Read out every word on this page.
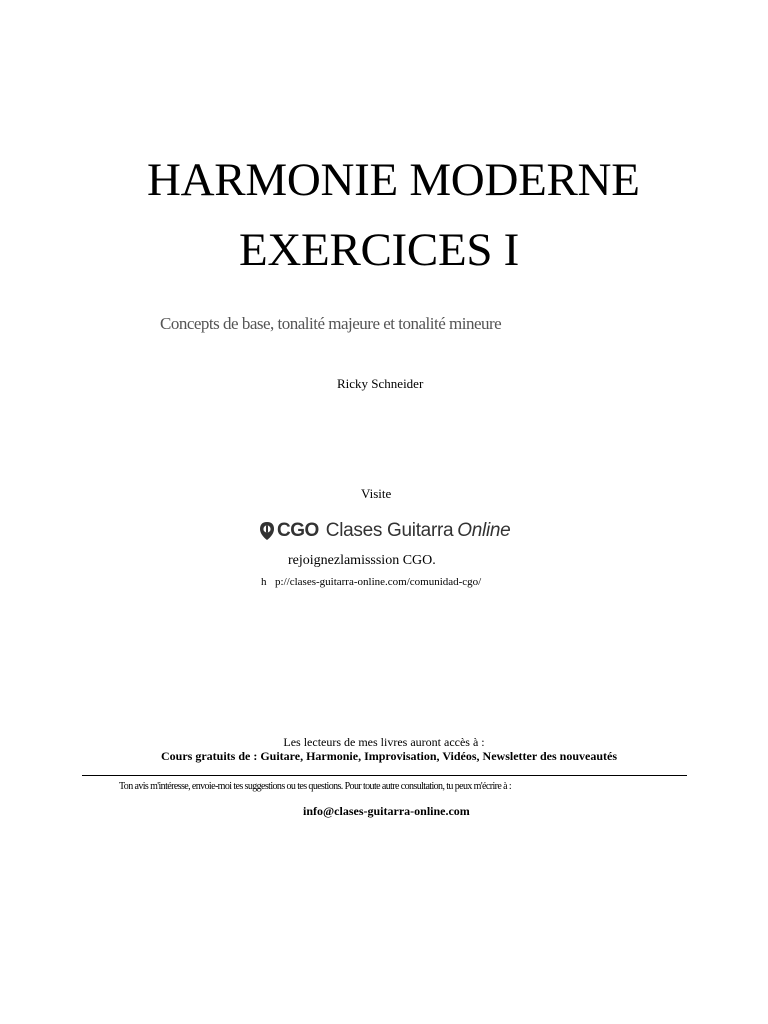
HARMONIE MODERNE
EXERCICES I
Concepts de base, tonalité majeure et tonalité mineure
Ricky Schneider
Visite
CGO Clases Guitarra Online
rejoignezlamisssion CGO.
h p://clases-guitarra-online.com/comunidad-cgo/
Les lecteurs de mes livres auront accès à :
Cours gratuits de : Guitare, Harmonie, Improvisation, Vidéos, Newsletter des nouveautés
Ton avis m'intéresse, envoie-moi tes suggestions ou tes questions. Pour toute autre consultation, tu peux m'écrire à :
info@clases-guitarra-online.com
